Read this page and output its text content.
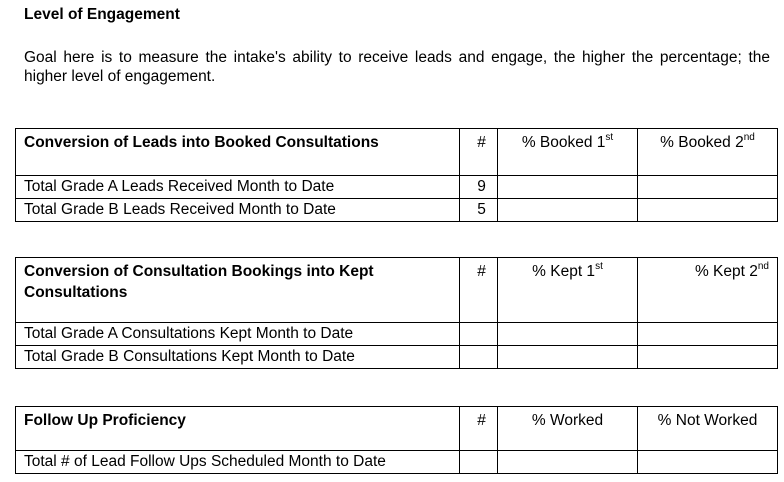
Level of Engagement

Goal here is to measure the intake's ability to receive leads and engage, the higher the percentage; the higher level of engagement.

Conversion of Leads into Booked Consultations	#	% Booked 1st	% Booked 2nd
Total Grade A Leads Received Month to Date	9		
Total Grade B Leads Received Month to Date	5		
Conversion of Consultation Bookings into Kept Consultations	#	% Kept 1st	% Kept 2nd
Total Grade A Consultations Kept Month to Date			
Total Grade B Consultations Kept Month to Date			
Follow Up Proficiency	#	% Worked	% Not Worked
Total # of Lead Follow Ups Scheduled Month to Date			
